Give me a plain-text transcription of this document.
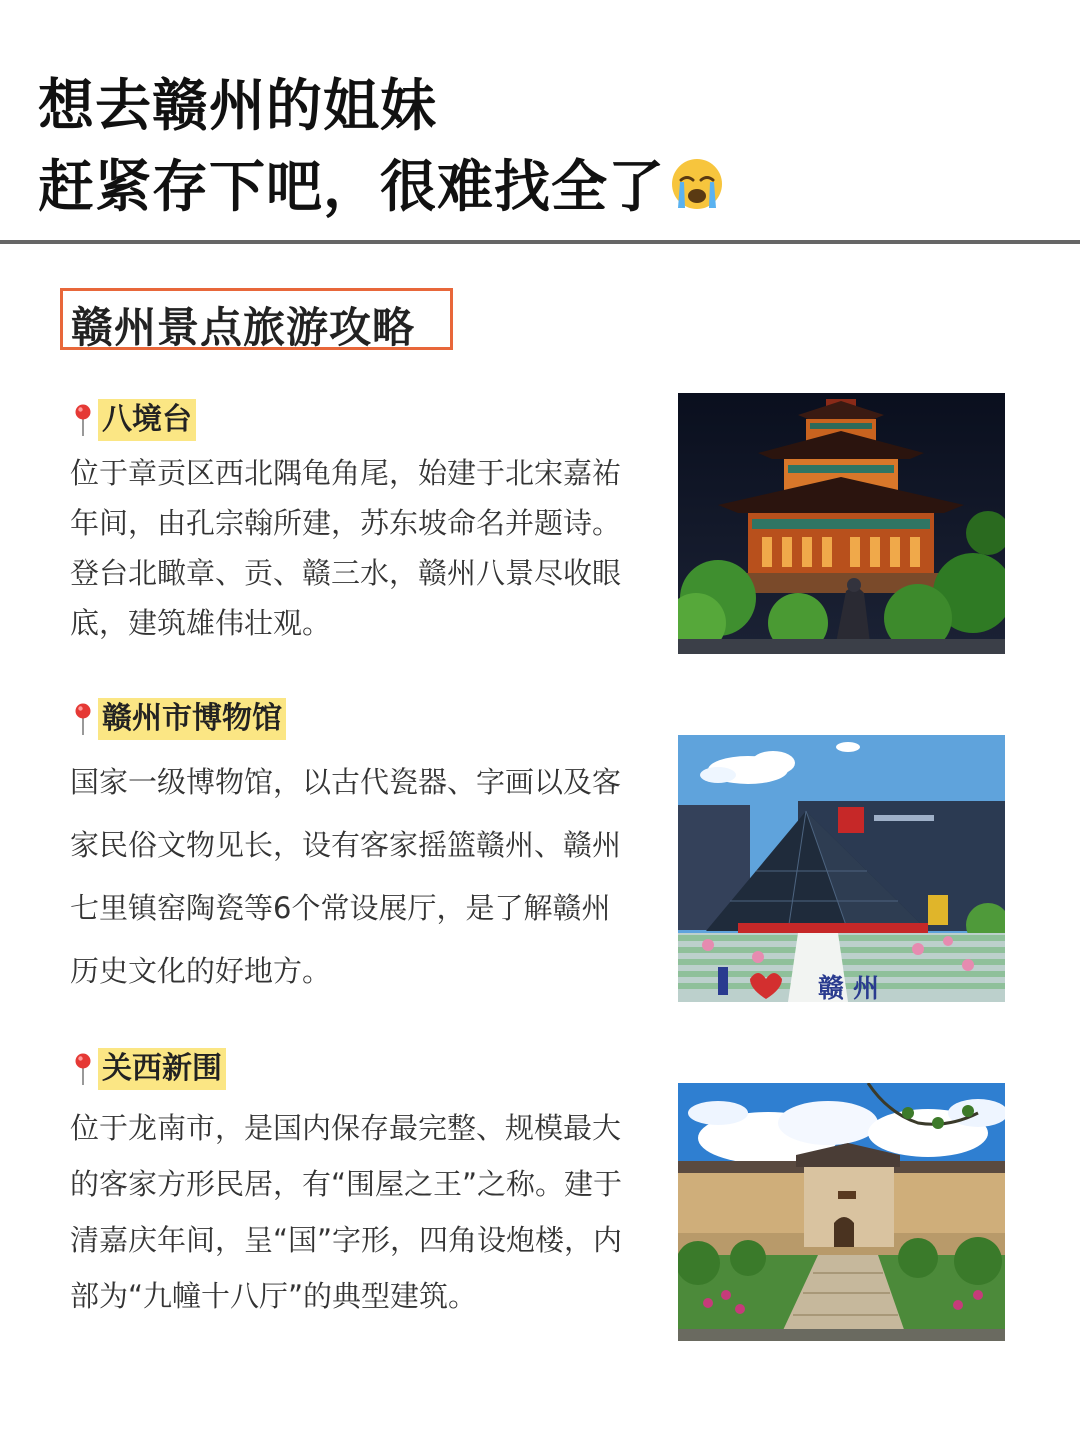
想去赣州的姐妹
赶紧存下吧，很难找全了
赣州景点旅游攻略
八境台
位于章贡区西北隅龟角尾，始建于北宋嘉祐年间，由孔宗翰所建，苏东坡命名并题诗。登台北瞰章、贡、赣三水，赣州八景尽收眼底，建筑雄伟壮观。
赣州市博物馆
国家一级博物馆，以古代瓷器、字画以及客家民俗文物见长，设有客家摇篮赣州、赣州七里镇窑陶瓷等6个常设展厅，是了解赣州历史文化的好地方。
赣 州
关西新围
位于龙南市，是国内保存最完整、规模最大的客家方形民居，有“围屋之王”之称。建于清嘉庆年间，呈“国”字形，四角设炮楼，内部为“九幢十八厅”的典型建筑。
